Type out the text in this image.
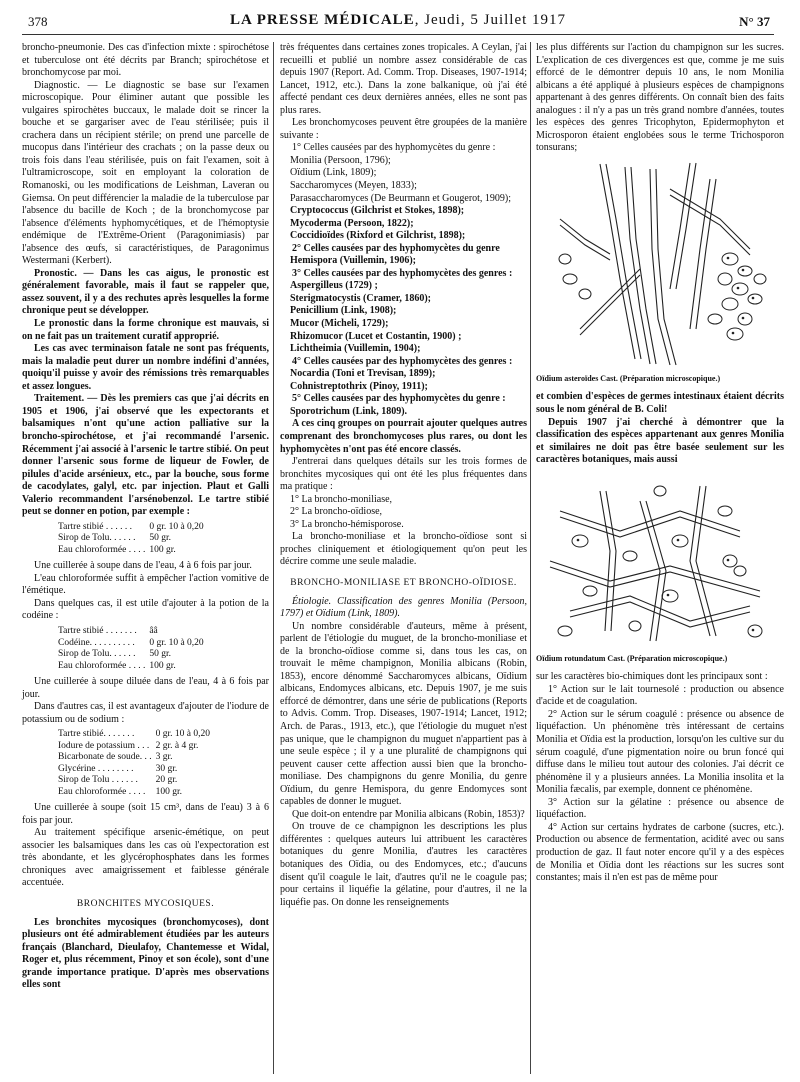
378	LA PRESSE MÉDICALE, Jeudi, 5 Juillet 1917	N° 37

broncho-pneumonie. Des cas d'infection mixte : spirochétose et tuberculose ont été décrits par Branch; spirochétose et bronchomycose par moi.

Diagnostic. — Le diagnostic se base sur l'examen microscopique. Pour éliminer autant que possible les vulgaires spirochètes buccaux, le malade doit se rincer la bouche et se gargariser avec de l'eau stérilisée; puis il crachera dans un récipient stérile; on prend une parcelle de mucopus dans l'intérieur des crachats ; on la passe deux ou trois fois dans l'eau stérilisée, puis on fait l'examen, soit à l'ultramicroscope, soit en employant la coloration de Romanoski, ou les modifications de Leishman, Laveran ou Giemsa. On peut différencier la maladie de la tuberculose par l'absence du bacille de Koch ; de la bronchomycose par l'absence d'éléments hyphomycétiques, et de l'hémoptysie endémique de l'Extrême-Orient (Paragonimiasis) par l'absence des œufs, si caractéristiques, de Paragonimus Westermani (Kerbert).

Pronostic. — Dans les cas aigus, le pronostic est généralement favorable, mais il faut se rappeler que, assez souvent, il y a des rechutes après lesquelles la forme chronique peut se développer.

Le pronostic dans la forme chronique est mauvais, si on ne fait pas un traitement curatif approprié.

Les cas avec terminaison fatale ne sont pas fréquents, mais la maladie peut durer un nombre indéfini d'années, quoiqu'il puisse y avoir des rémissions très remarquables et assez longues.

Traitement. — Dès les premiers cas que j'ai décrits en 1905 et 1906, j'ai observé que les expectorants et balsamiques n'ont qu'une action palliative sur la broncho-spirochétose, et j'ai recommandé l'arsenic. Récemment j'ai associé à l'arsenic le tartre stibié. On peut donner l'arsenic sous forme de liqueur de Fowler, de pilules d'acide arsénieux, etc., par la bouche, sous forme de cacodylates, galyl, etc. par injection. Plaut et Galli Valerio recommandent l'arsénobenzol. Le tartre stibié peut se donner en potion, par exemple :

Tartre stibié . . . . . .	0 gr. 10 à 0,20
Sirop de Tolu. . . . . .	50 gr.
Eau chloroformée . . . .	100 gr.

Une cuillerée à soupe dans de l'eau, 4 à 6 fois par jour.

L'eau chloroformée suffit à empêcher l'action vomitive de l'émétique.

Dans quelques cas, il est utile d'ajouter à la potion de la codéine :

Tartre stibié . . . . . . .	ââ
Codéine. . . . . . . . . .	0 gr. 10 à 0,20
Sirop de Tolu. . . . . .	50 gr.
Eau chloroformée . . . .	100 gr.

Une cuillerée à soupe diluée dans de l'eau, 4 à 6 fois par jour.

Dans d'autres cas, il est avantageux d'ajouter de l'iodure de potassium ou de sodium :

Tartre stibié. . . . . . .	0 gr. 10 à 0,20
Iodure de potassium . . .	2 gr. à 4 gr.
Bicarbonate de soude. . .	3 gr.
Glycérine . . . . . . . .	30 gr.
Sirop de Tolu . . . . . .	20 gr.
Eau chloroformée . . . .	100 gr.

Une cuillerée à soupe (soit 15 cm³, dans de l'eau) 3 à 6 fois par jour.

Au traitement spécifique arsenic-émétique, on peut associer les balsamiques dans les cas où l'expectoration est très abondante, et les glycérophosphates dans les formes chroniques avec amaigrissement et faiblesse générale accentuée.

BRONCHITES MYCOSIQUES.

Les bronchites mycosiques (bronchomycoses), dont plusieurs ont été admirablement étudiées par les auteurs français (Blanchard, Dieulafoy, Chantemesse et Widal, Roger et, plus récemment, Pinoy et son école), sont d'une grande importance pratique. D'après mes observations elles sont

très fréquentes dans certaines zones tropicales. A Ceylan, j'ai recueilli et publié un nombre assez considérable de cas depuis 1907 (Report. Ad. Comm. Trop. Diseases, 1907-1914; Lancet, 1912, etc.). Dans la zone balkanique, où j'ai été affecté pendant ces deux dernières années, elles ne sont pas plus rares.

Les bronchomycoses peuvent être groupées de la manière suivante :

1° Celles causées par des hyphomycètes du genre :

Monilia (Persoon, 1796);

Oïdium (Link, 1809);

Saccharomyces (Meyen, 1833);

Parasaccharomyces (De Beurmann et Gougerot, 1909);

Cryptococcus (Gilchrist et Stokes, 1898);

Mycoderma (Persoon, 1822);

Coccidioïdes (Rixford et Gilchrist, 1898);

2° Celles causées par des hyphomycètes du genre

Hemispora (Vuillemin, 1906);

3° Celles causées par des hyphomycètes des genres :

Aspergilleus (1729) ;

Sterigmatocystis (Cramer, 1860);

Penicillium (Link, 1908);

Mucor (Micheli, 1729);

Rhizomucor (Lucet et Costantin, 1900) ;

Lichtheimia (Vuillemin, 1904);

4° Celles causées par des hyphomycètes des genres :

Nocardia (Toni et Trevisan, 1899);

Cohnistreptothrix (Pinoy, 1911);

5° Celles causées par des hyphomycètes du genre :

Sporotrichum (Link, 1809).

A ces cinq groupes on pourrait ajouter quelques autres comprenant des bronchomycoses plus rares, ou dont les hyphomycètes n'ont pas été encore classés.

J'entrerai dans quelques détails sur les trois formes de bronchites mycosiques qui ont été les plus fréquentes dans ma pratique :

1° La broncho-moniliase,

2° La broncho-oïdiose,

3° La broncho-hémisporose.

La broncho-moniliase et la broncho-oïdiose sont si proches cliniquement et étiologiquement qu'on peut les décrire comme une seule maladie.

BRONCHO-MONILIASE ET BRONCHO-OÏDIOSE.

Étiologie. Classification des genres Monilia (Persoon, 1797) et Oïdium (Link, 1809).

Un nombre considérable d'auteurs, même à présent, parlent de l'étiologie du muguet, de la broncho-moniliase et de la broncho-oïdiose comme si, dans tous les cas, on trouvait le même champignon, Monilia albicans (Robin, 1853), encore dénommé Saccharomyces albicans, Oïdium albicans, Endomyces albicans, etc. Depuis 1907, je me suis efforcé de démontrer, dans une série de publications (Reports to Advis. Comm. Trop. Diseases, 1907-1914; Lancet, 1912; Arch. de Paras., 1913, etc.), que l'étiologie du muguet n'est pas unique, que le champignon du muguet n'appartient pas à une seule espèce ; il y a une pluralité de champignons qui peuvent causer cette affection aussi bien que la broncho-moniliase. Des champignons du genre Monilia, du genre Oïdium, du genre Hemispora, du genre Endomyces sont capables de donner le muguet.

Que doit-on entendre par Monilia albicans (Robin, 1853)?

On trouve de ce champignon les descriptions les plus différentes : quelques auteurs lui attribuent les caractères botaniques du genre Monilia, d'autres les caractères botaniques des Oïdia, ou des Endomyces, etc.; d'aucuns disent qu'il coagule le lait, d'autres qu'il ne le coagule pas; pour certains il liquéfie la gélatine, pour d'autres, il ne la liquéfie pas. On donne les renseignements

les plus différents sur l'action du champignon sur les sucres. L'explication de ces divergences est que, comme je me suis efforcé de le démontrer depuis 10 ans, le nom Monilia albicans a été appliqué à plusieurs espèces de champignons appartenant à des genres différents. On connaît bien des faits analogues : il n'y a pas un très grand nombre d'années, toutes les espèces des genres Tricophyton, Epidermophyton et Microsporon étaient englobées sous le terme Trichosporon tonsurans;

Oïdium asteroïdes Cast. (Préparation microscopique.)

et combien d'espèces de germes intestinaux étaient décrits sous le nom général de B. Coli!

Depuis 1907 j'ai cherché à démontrer que la classification des espèces appartenant aux genres Monilia et similaires ne doit pas être basée seulement sur les caractères botaniques, mais aussi

Oïdium rotundatum Cast. (Préparation microscopique.)

sur les caractères bio-chimiques dont les principaux sont :

1° Action sur le lait tournesolé : production ou absence d'acide et de coagulation.

2° Action sur le sérum coagulé : présence ou absence de liquéfaction. Un phénomène très intéressant de certains Monilia et Oïdia est la production, lorsqu'on les cultive sur du sérum coagulé, d'une pigmentation noire ou brun foncé qui diffuse dans le milieu tout autour des colonies. J'ai décrit ce phénomène il y a plusieurs années. La Monilia insolita et la Monilia fæcalis, par exemple, donnent ce phénomène.

3° Action sur la gélatine : présence ou absence de liquéfaction.

4° Action sur certains hydrates de carbone (sucres, etc.). Production ou absence de fermentation, acidité avec ou sans production de gaz. Il faut noter encore qu'il y a des espèces de Monilia et Oïdia dont les réactions sur les sucres sont constantes; mais il n'en est pas de même pour
